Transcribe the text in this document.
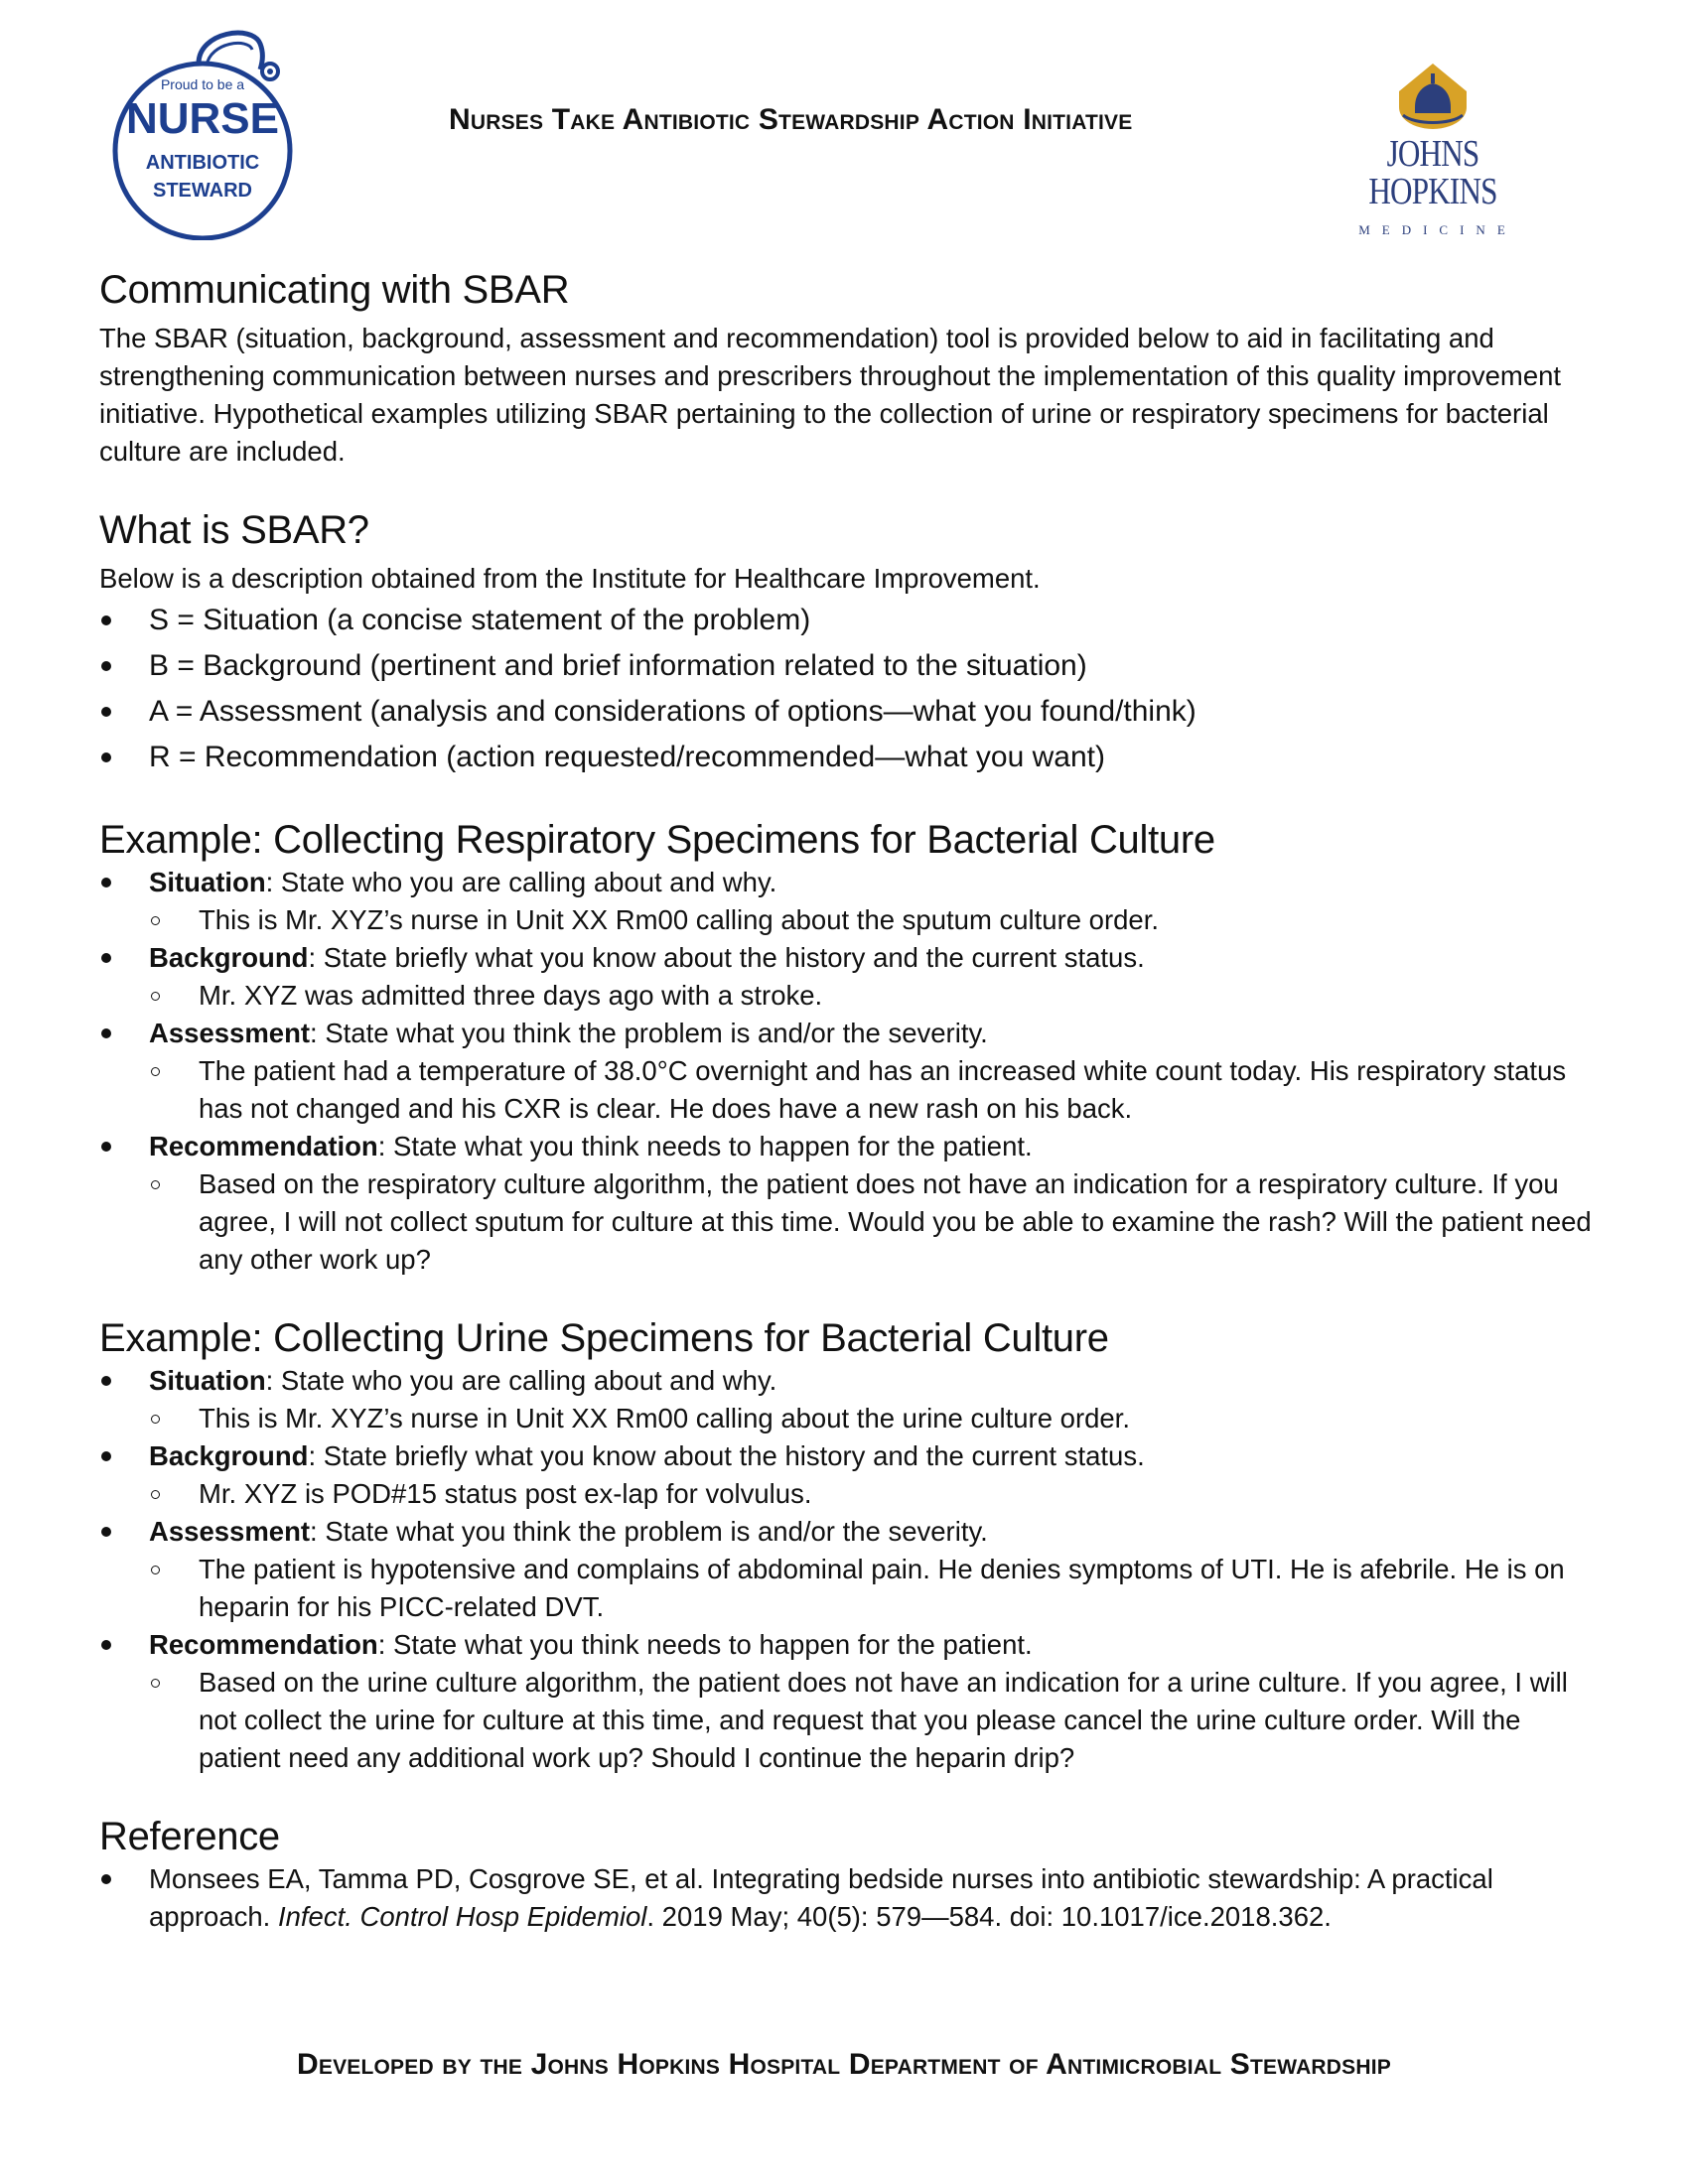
Proud to be a
NURSE
ANTIBIOTIC
STEWARD
Nurses Take Antibiotic Stewardship Action Initiative
JOHNS HOPKINS
MEDICINE
Communicating with SBAR

The SBAR (situation, background, assessment and recommendation) tool is provided below to aid in facilitating and strengthening communication between nurses and prescribers throughout the implementation of this quality improvement initiative. Hypothetical examples utilizing SBAR pertaining to the collection of urine or respiratory specimens for bacterial culture are included.

What is SBAR?

Below is a description obtained from the Institute for Healthcare Improvement.

S = Situation (a concise statement of the problem)
B = Background (pertinent and brief information related to the situation)
A = Assessment (analysis and considerations of options—what you found/think)
R = Recommendation (action requested/recommended—what you want)
Example: Collecting Respiratory Specimens for Bacterial Culture
Situation: State who you are calling about and why.
This is Mr. XYZ’s nurse in Unit XX Rm00 calling about the sputum culture order.
Background: State briefly what you know about the history and the current status.
Mr. XYZ was admitted three days ago with a stroke.
Assessment: State what you think the problem is and/or the severity.
The patient had a temperature of 38.0°C overnight and has an increased white count today. His respiratory status has not changed and his CXR is clear. He does have a new rash on his back.
Recommendation: State what you think needs to happen for the patient.
Based on the respiratory culture algorithm, the patient does not have an indication for a respiratory culture. If you agree, I will not collect sputum for culture at this time. Would you be able to examine the rash? Will the patient need any other work up?
Example: Collecting Urine Specimens for Bacterial Culture
Situation: State who you are calling about and why.
This is Mr. XYZ’s nurse in Unit XX Rm00 calling about the urine culture order.
Background: State briefly what you know about the history and the current status.
Mr. XYZ is POD#15 status post ex-lap for volvulus.
Assessment: State what you think the problem is and/or the severity.
The patient is hypotensive and complains of abdominal pain. He denies symptoms of UTI. He is afebrile. He is on heparin for his PICC-related DVT.
Recommendation: State what you think needs to happen for the patient.
Based on the urine culture algorithm, the patient does not have an indication for a urine culture. If you agree, I will not collect the urine for culture at this time, and request that you please cancel the urine culture order. Will the patient need any additional work up? Should I continue the heparin drip?
Reference
Monsees EA, Tamma PD, Cosgrove SE, et al. Integrating bedside nurses into antibiotic stewardship: A practical approach. Infect. Control Hosp Epidemiol. 2019 May; 40(5): 579—584. doi: 10.1017/ice.2018.362.
Developed by the Johns Hopkins Hospital Department of Antimicrobial Stewardship
